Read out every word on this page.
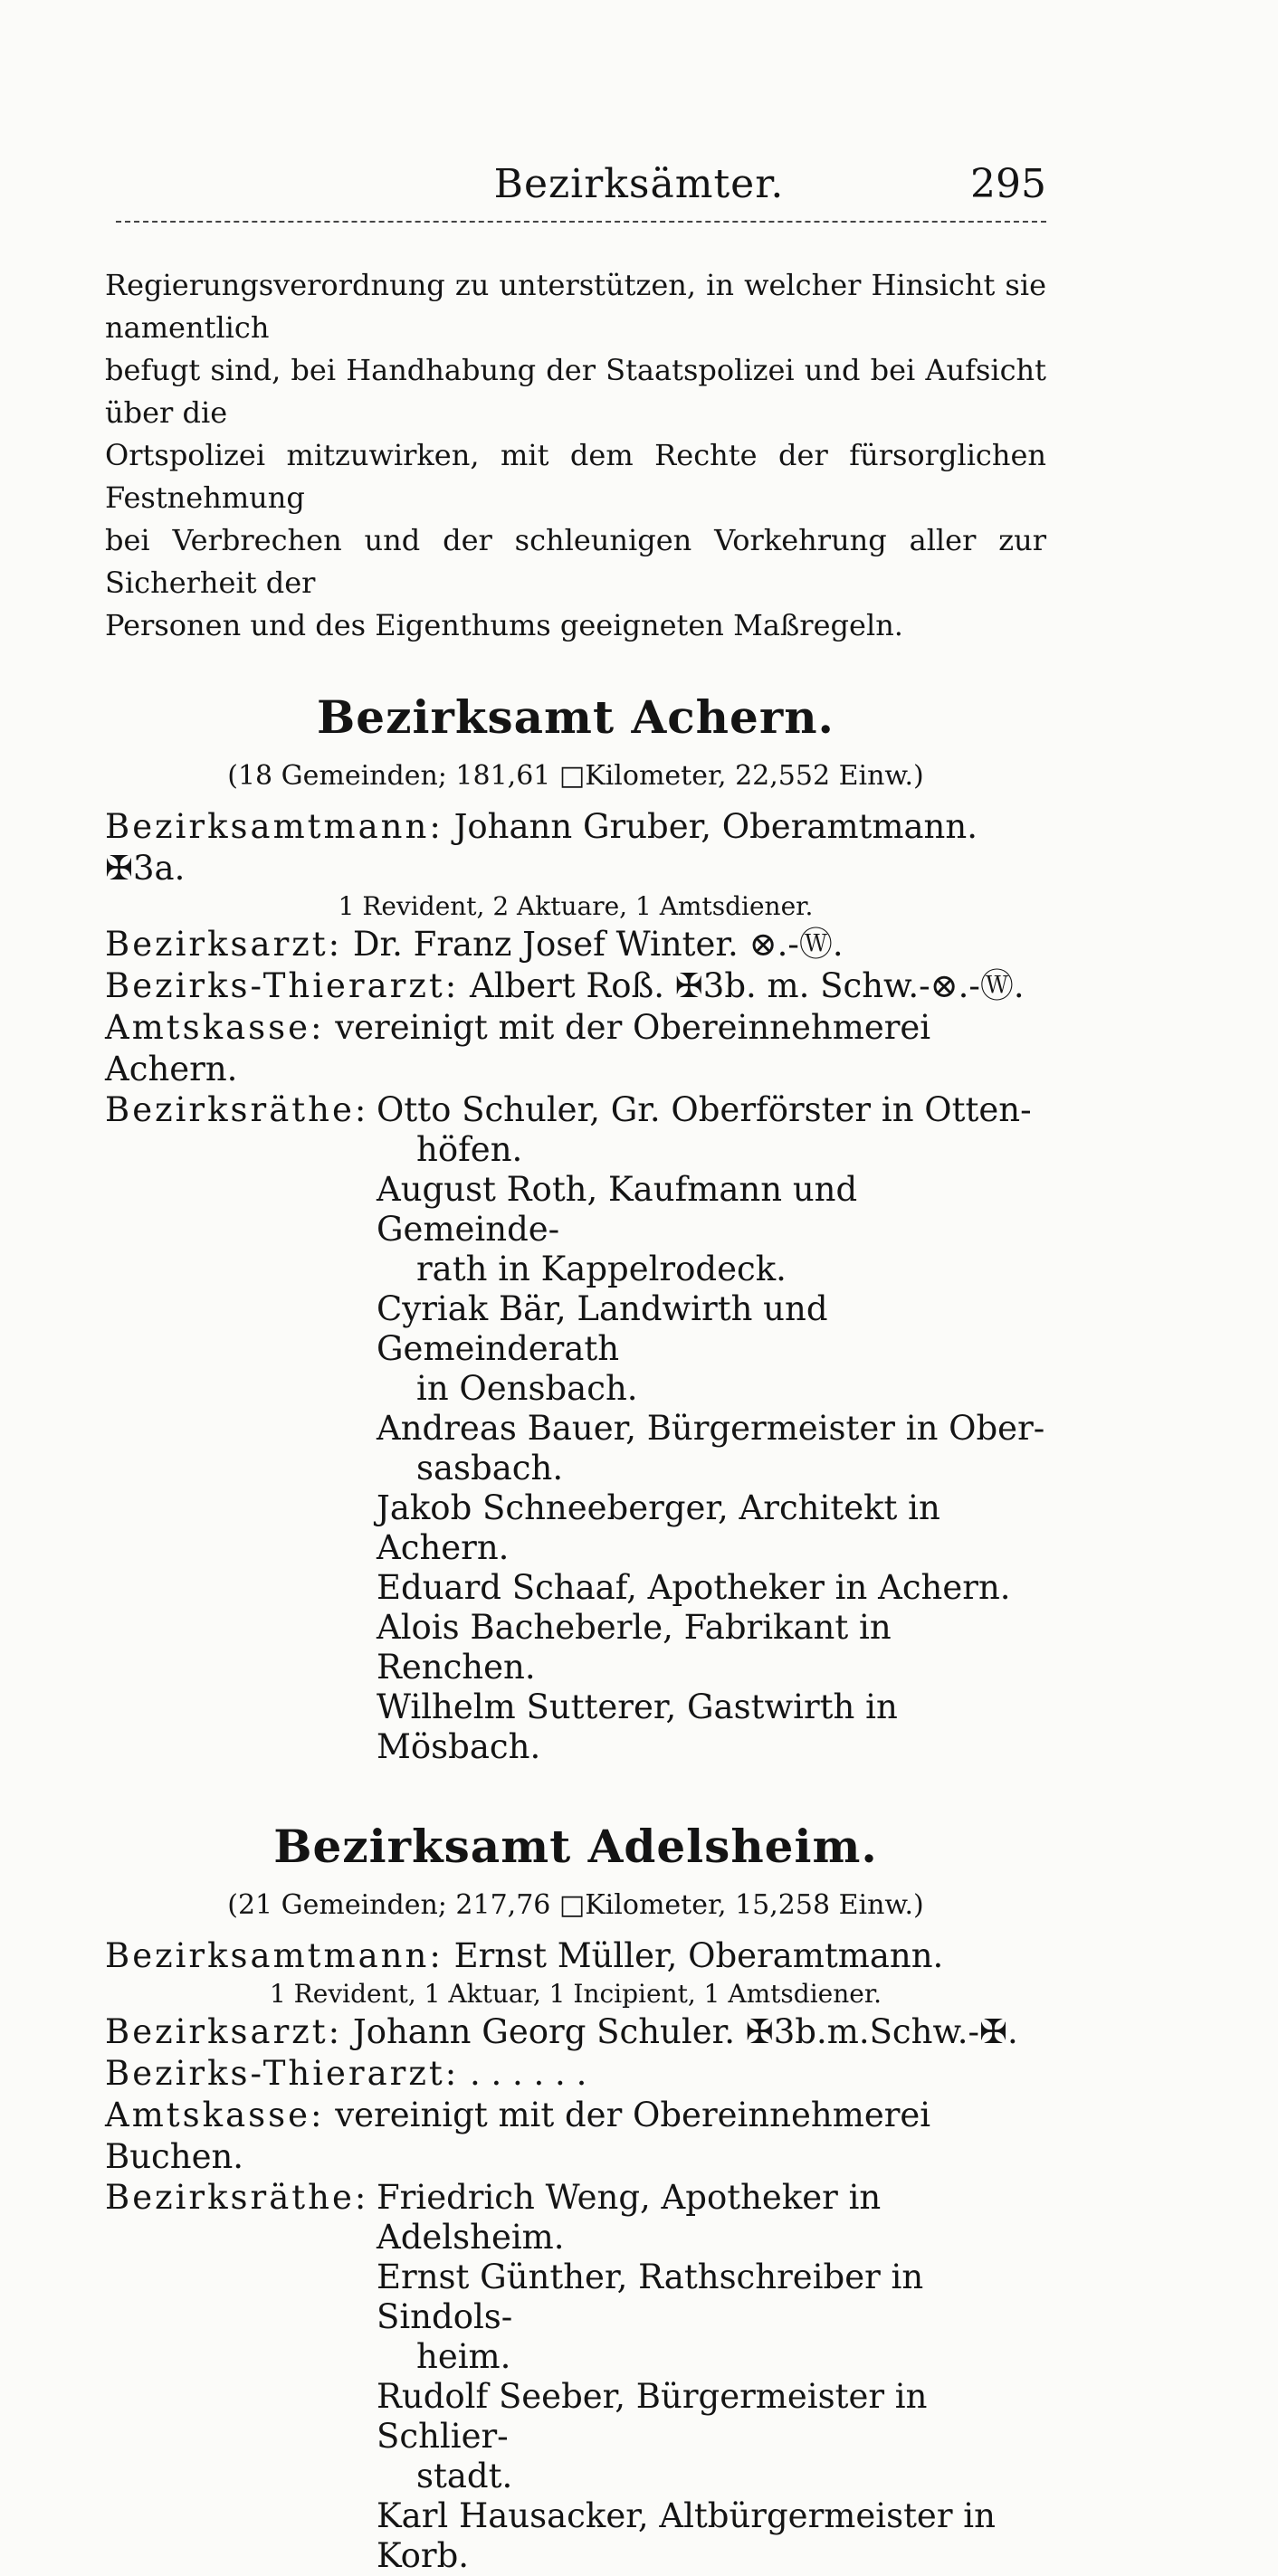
Bezirksämter.	295

Regierungsverordnung zu unterstützen, in welcher Hinsicht sie namentlich
befugt sind, bei Handhabung der Staatspolizei und bei Aufsicht über die
Ortspolizei mitzuwirken, mit dem Rechte der fürsorglichen Festnehmung
bei Verbrechen und der schleunigen Vorkehrung aller zur Sicherheit der
Personen und des Eigenthums geeigneten Maßregeln.

Bezirksamt Achern.
(18 Gemeinden; 181,61 □Kilometer, 22,552 Einw.)

Bezirksamtmann: Johann Gruber, Oberamtmann. ✠3a.

1 Revident, 2 Aktuare, 1 Amtsdiener.

Bezirksarzt: Dr. Franz Josef Winter. ⊗.-Ⓦ.

Bezirks-Thierarzt: Albert Roß. ✠3b. m. Schw.-⊗.-Ⓦ.

Amtskasse: vereinigt mit der Obereinnehmerei Achern.

Bezirksräthe: Otto Schuler, Gr. Oberförster in Otten-

höfen.

August Roth, Kaufmann und Gemeinde-

rath in Kappelrodeck.

Cyriak Bär, Landwirth und Gemeinderath

in Oensbach.

Andreas Bauer, Bürgermeister in Ober-

sasbach.

Jakob Schneeberger, Architekt in Achern.

Eduard Schaaf, Apotheker in Achern.

Alois Bacheberle, Fabrikant in Renchen.

Wilhelm Sutterer, Gastwirth in Mösbach.

Bezirksamt Adelsheim.
(21 Gemeinden; 217,76 □Kilometer, 15,258 Einw.)

Bezirksamtmann: Ernst Müller, Oberamtmann.

1 Revident, 1 Aktuar, 1 Incipient, 1 Amtsdiener.

Bezirksarzt: Johann Georg Schuler. ✠3b.m.Schw.-✠.

Bezirks-Thierarzt: . . . . . .

Amtskasse: vereinigt mit der Obereinnehmerei Buchen.

Bezirksräthe: Friedrich Weng, Apotheker in Adelsheim.

Ernst Günther, Rathschreiber in Sindols-

heim.

Rudolf Seeber, Bürgermeister in Schlier-

stadt.

Karl Hausacker, Altbürgermeister in Korb.
